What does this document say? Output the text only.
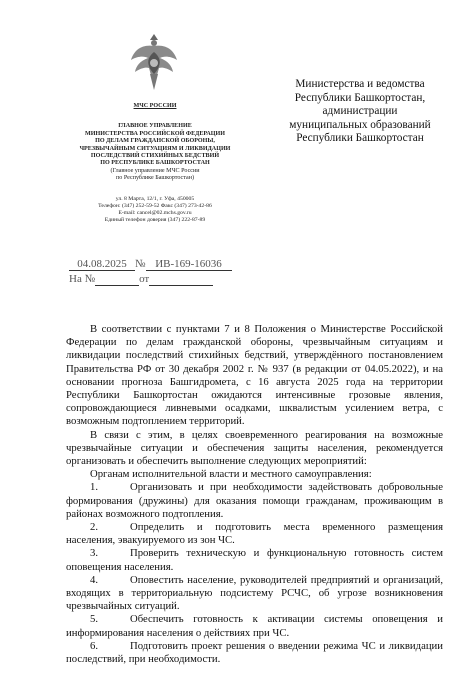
МЧС РОССИИ
ГЛАВНОЕ УПРАВЛЕНИЕ
МИНИСТЕРСТВА РОССИЙСКОЙ ФЕДЕРАЦИИ
ПО ДЕЛАМ ГРАЖДАНСКОЙ ОБОРОНЫ,
ЧРЕЗВЫЧАЙНЫМ СИТУАЦИЯМ И ЛИКВИДАЦИИ
ПОСЛЕДСТВИЙ СТИХИЙНЫХ БЕДСТВИЙ
ПО РЕСПУБЛИКЕ БАШКОРТОСТАН
(Главное управление МЧС России
по Республике Башкортостан)
ул. 8 Марта, 12/1, г. Уфа, 450005
Телефон: (347) 252-59-52 Факс (347) 273-42-86
E-mail: cancel@02.mchs.gov.ru
Единый телефон доверия (347) 222-87-89
Министерства и ведомства
Республики Башкортостан,
администрации
муниципальных образований
Республики Башкортостан
04.08.2025 № ИВ-169-16036
На №	от

В соответствии с пунктами 7 и 8 Положения о Министерстве Российской Федерации по делам гражданской обороны, чрезвычайным ситуациям и ликвидации последствий стихийных бедствий, утверждённого постановлением Правительства РФ от 30 декабря 2002 г. № 937 (в редакции от 04.05.2022), и на основании прогноза Башгидромета, с 16 августа 2025 года на территории Республики Башкортостан ожидаются интенсивные грозовые явления, сопровождающиеся ливневыми осадками, шквалистым усилением ветра, с возможным подтоплением территорий.

В связи с этим, в целях своевременного реагирования на возможные чрезвычайные ситуации и обеспечения защиты населения, рекомендуется организовать и обеспечить выполнение следующих мероприятий:

Органам исполнительной власти и местного самоуправления:

1.	Организовать и при необходимости задействовать добровольные формирования (дружины) для оказания помощи гражданам, проживающим в районах возможного подтопления.

2.	Определить и подготовить места временного размещения населения, эвакуируемого из зон ЧС.

3.	Проверить техническую и функциональную готовность систем оповещения населения.

4.	Оповестить население, руководителей предприятий и организаций, входящих в территориальную подсистему РСЧС, об угрозе возникновения чрезвычайных ситуаций.

5.	Обеспечить готовность к активации системы оповещения и информирования населения о действиях при ЧС.

6.	Подготовить проект решения о введении режима ЧС и ликвидации последствий, при необходимости.
